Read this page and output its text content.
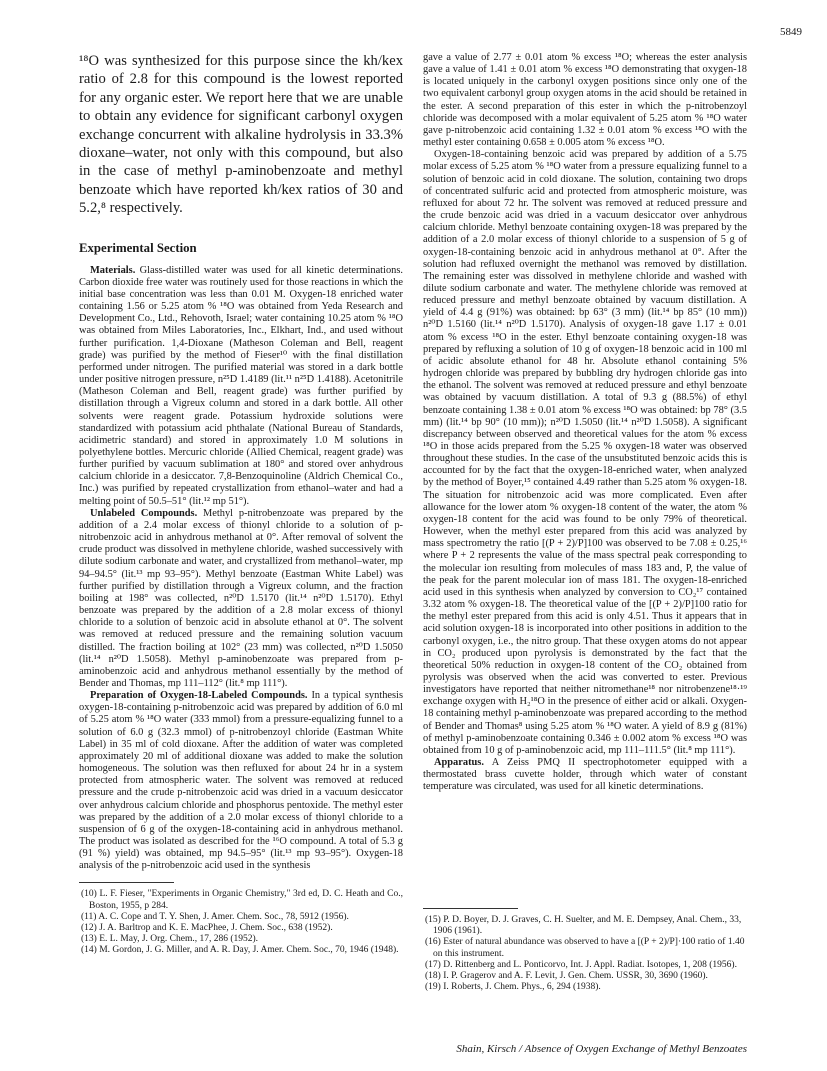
5849

¹⁸O was synthesized for this purpose since the kh/kex ratio of 2.8 for this compound is the lowest reported for any organic ester. We report here that we are unable to obtain any evidence for significant carbonyl oxygen exchange concurrent with alkaline hydrolysis in 33.3% dioxane–water, not only with this compound, but also in the case of methyl p-aminobenzoate and methyl benzoate which have reported kh/kex ratios of 30 and 5.2,⁸ respectively.

Experimental Section

Materials. Glass-distilled water was used for all kinetic determinations. Carbon dioxide free water was routinely used for those reactions in which the initial base concentration was less than 0.01 M. Oxygen-18 enriched water containing 1.56 or 5.25 atom % ¹⁸O was obtained from Yeda Research and Development Co., Ltd., Rehovoth, Israel; water containing 10.25 atom % ¹⁸O was obtained from Miles Laboratories, Inc., Elkhart, Ind., and used without further purification. 1,4-Dioxane (Matheson Coleman and Bell, reagent grade) was purified by the method of Fieser¹⁰ with the final distillation performed under nitrogen. The purified material was stored in a dark bottle under positive nitrogen pressure, n²⁵D 1.4189 (lit.¹¹ n²⁵D 1.4188). Acetonitrile (Matheson Coleman and Bell, reagent grade) was further purified by distillation through a Vigreux column and stored in a dark bottle. All other solvents were reagent grade. Potassium hydroxide solutions were standardized with potassium acid phthalate (National Bureau of Standards, acidimetric standard) and stored in approximately 1.0 M solutions in polyethylene bottles. Mercuric chloride (Allied Chemical, reagent grade) was further purified by vacuum sublimation at 180° and stored over anhydrous calcium chloride in a desiccator. 7,8-Benzoquinoline (Aldrich Chemical Co., Inc.) was purified by repeated crystallization from ethanol–water and had a melting point of 50.5–51° (lit.¹² mp 51°).

Unlabeled Compounds. Methyl p-nitrobenzoate was prepared by the addition of a 2.4 molar excess of thionyl chloride to a solution of p-nitrobenzoic acid in anhydrous methanol at 0°. After removal of solvent the crude product was dissolved in methylene chloride, washed successively with dilute sodium carbonate and water, and crystallized from methanol–water, mp 94–94.5° (lit.¹³ mp 93–95°). Methyl benzoate (Eastman White Label) was further purified by distillation through a Vigreux column, and the fraction boiling at 198° was collected, n²⁰D 1.5170 (lit.¹⁴ n²⁰D 1.5170). Ethyl benzoate was prepared by the addition of a 2.8 molar excess of thionyl chloride to a solution of benzoic acid in absolute ethanol at 0°. The solvent was removed at reduced pressure and the remaining solution vacuum distilled. The fraction boiling at 102° (23 mm) was collected, n²⁰D 1.5050 (lit.¹⁴ n²⁰D 1.5058). Methyl p-aminobenzoate was prepared from p-aminobenzoic acid and anhydrous methanol essentially by the method of Bender and Thomas, mp 111–112° (lit.⁸ mp 111°).

Preparation of Oxygen-18-Labeled Compounds. In a typical synthesis oxygen-18-containing p-nitrobenzoic acid was prepared by addition of 6.0 ml of 5.25 atom % ¹⁸O water (333 mmol) from a pressure-equalizing funnel to a solution of 6.0 g (32.3 mmol) of p-nitrobenzoyl chloride (Eastman White Label) in 35 ml of cold dioxane. After the addition of water was completed approximately 20 ml of additional dioxane was added to make the solution homogeneous. The solution was then refluxed for about 24 hr in a system protected from atmospheric water. The solvent was removed at reduced pressure and the crude p-nitrobenzoic acid was dried in a vacuum desiccator over anhydrous calcium chloride and phosphorus pentoxide. The methyl ester was prepared by the addition of a 2.0 molar excess of thionyl chloride to a suspension of 6 g of the oxygen-18-containing acid in anhydrous methanol. The product was isolated as described for the ¹⁶O compound. A total of 5.3 g (91 %) yield) was obtained, mp 94.5–95° (lit.¹³ mp 93–95°). Oxygen-18 analysis of the p-nitrobenzoic acid used in the synthesis

(10) L. F. Fieser, "Experiments in Organic Chemistry," 3rd ed, D. C. Heath and Co., Boston, 1955, p 284.

(11) A. C. Cope and T. Y. Shen, J. Amer. Chem. Soc., 78, 5912 (1956).

(12) J. A. Barltrop and K. E. MacPhee, J. Chem. Soc., 638 (1952).

(13) E. L. May, J. Org. Chem., 17, 286 (1952).

(14) M. Gordon, J. G. Miller, and A. R. Day, J. Amer. Chem. Soc., 70, 1946 (1948).

gave a value of 2.77 ± 0.01 atom % excess ¹⁸O; whereas the ester analysis gave a value of 1.41 ± 0.01 atom % excess ¹⁸O demonstrating that oxygen-18 is located uniquely in the carbonyl oxygen positions since only one of the two equivalent carbonyl group oxygen atoms in the acid should be retained in the ester. A second preparation of this ester in which the p-nitrobenzoyl chloride was decomposed with a molar equivalent of 5.25 atom % ¹⁸O water gave p-nitrobenzoic acid containing 1.32 ± 0.01 atom % excess ¹⁸O with the methyl ester containing 0.658 ± 0.005 atom % excess ¹⁸O.

Oxygen-18-containing benzoic acid was prepared by addition of a 5.75 molar excess of 5.25 atom % ¹⁸O water from a pressure equalizing funnel to a solution of benzoic acid in cold dioxane. The solution, containing two drops of concentrated sulfuric acid and protected from atmospheric moisture, was refluxed for about 72 hr. The solvent was removed at reduced pressure and the crude benzoic acid was dried in a vacuum desiccator over anhydrous calcium chloride. Methyl benzoate containing oxygen-18 was prepared by the addition of a 2.0 molar excess of thionyl chloride to a suspension of 5 g of oxygen-18-containing benzoic acid in anhydrous methanol at 0°. After the solution had refluxed overnight the methanol was removed by distillation. The remaining ester was dissolved in methylene chloride and washed with dilute sodium carbonate and water. The methylene chloride was removed at reduced pressure and methyl benzoate obtained by vacuum distillation. A yield of 4.4 g (91%) was obtained: bp 63° (3 mm) (lit.¹⁴ bp 85° (10 mm)) n²⁰D 1.5160 (lit.¹⁴ n²⁰D 1.5170). Analysis of oxygen-18 gave 1.17 ± 0.01 atom % excess ¹⁸O in the ester. Ethyl benzoate containing oxygen-18 was prepared by refluxing a solution of 10 g of oxygen-18 benzoic acid in 100 ml of acidic absolute ethanol for 48 hr. Absolute ethanol containing 5% hydrogen chloride was prepared by bubbling dry hydrogen chloride gas into the ethanol. The solvent was removed at reduced pressure and ethyl benzoate was obtained by vacuum distillation. A total of 9.3 g (88.5%) of ethyl benzoate containing 1.38 ± 0.01 atom % excess ¹⁸O was obtained: bp 78° (3.5 mm) (lit.¹⁴ bp 90° (10 mm)); n²⁰D 1.5050 (lit.¹⁴ n²⁰D 1.5058). A significant discrepancy between observed and theoretical values for the atom % excess ¹⁸O in those acids prepared from the 5.25 % oxygen-18 water was observed throughout these studies. In the case of the unsubstituted benzoic acids this is accounted for by the fact that the oxygen-18-enriched water, when analyzed by the method of Boyer,¹⁵ contained 4.49 rather than 5.25 atom % oxygen-18. The situation for nitrobenzoic acid was more complicated. Even after allowance for the lower atom % oxygen-18 content of the water, the atom % oxygen-18 content for the acid was found to be only 79% of theoretical. However, when the methyl ester prepared from this acid was analyzed by mass spectrometry the ratio [(P + 2)/P]100 was observed to be 7.08 ± 0.25,¹⁶ where P + 2 represents the value of the mass spectral peak corresponding to the molecular ion resulting from molecules of mass 183 and, P, the value of the peak for the parent molecular ion of mass 181. The oxygen-18-enriched acid used in this synthesis when analyzed by conversion to CO₂¹⁷ contained 3.32 atom % oxygen-18. The theoretical value of the [(P + 2)/P]100 ratio for the methyl ester prepared from this acid is only 4.51. Thus it appears that in acid solution oxygen-18 is incorporated into other positions in addition to the carbonyl oxygen, i.e., the nitro group. That these oxygen atoms do not appear in CO₂ produced upon pyrolysis is demonstrated by the fact that the theoretical 50% reduction in oxygen-18 content of the CO₂ obtained from pyrolysis was observed when the acid was converted to ester. Previous investigators have reported that neither nitromethane¹⁸ nor nitrobenzene¹⁸·¹⁹ exchange oxygen with H₂¹⁸O in the presence of either acid or alkali. Oxygen-18 containing methyl p-aminobenzoate was prepared according to the method of Bender and Thomas⁸ using 5.25 atom % ¹⁸O water. A yield of 8.9 g (81%) of methyl p-aminobenzoate containing 0.346 ± 0.002 atom % excess ¹⁸O was obtained from 10 g of p-aminobenzoic acid, mp 111–111.5° (lit.⁸ mp 111°).

Apparatus. A Zeiss PMQ II spectrophotometer equipped with a thermostated brass cuvette holder, through which water of constant temperature was circulated, was used for all kinetic determinations.

(15) P. D. Boyer, D. J. Graves, C. H. Suelter, and M. E. Dempsey, Anal. Chem., 33, 1906 (1961).

(16) Ester of natural abundance was observed to have a [(P + 2)/P]·100 ratio of 1.40 on this instrument.

(17) D. Rittenberg and L. Ponticorvo, Int. J. Appl. Radiat. Isotopes, 1, 208 (1956).

(18) I. P. Gragerov and A. F. Levit, J. Gen. Chem. USSR, 30, 3690 (1960).

(19) I. Roberts, J. Chem. Phys., 6, 294 (1938).

Shain, Kirsch / Absence of Oxygen Exchange of Methyl Benzoates
